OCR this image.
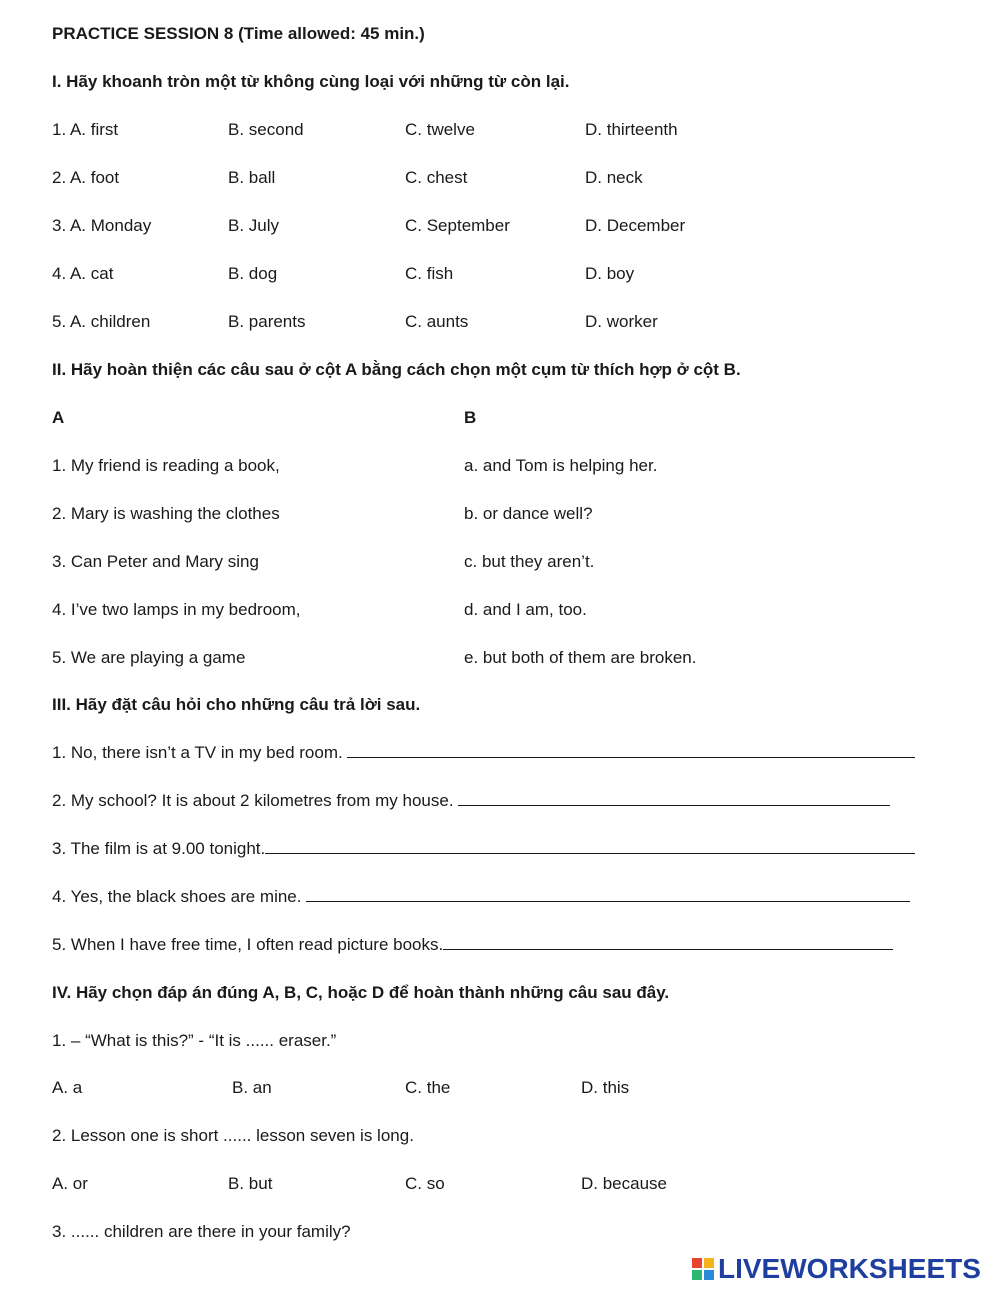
PRACTICE SESSION 8 (Time allowed: 45 min.)
I. Hãy khoanh tròn một từ không cùng loại với những từ còn lại.
1. A. first	B. second	C. twelve	D. thirteenth
2. A. foot	B. ball	C. chest	D. neck
3. A. Monday	B. July	C. September	D. December
4. A. cat	B. dog	C. fish	D. boy
5. A. children	B. parents	C. aunts	D. worker
II. Hãy hoàn thiện các câu sau ở cột A bằng cách chọn một cụm từ thích hợp ở cột B.
A	B
1. My friend is reading a book,	a. and Tom is helping her.
2. Mary is washing the clothes	b. or dance well?
3. Can Peter and Mary sing	c. but they aren’t.
4. I’ve two lamps in my bedroom,	d. and I am, too.
5. We are playing a game	e. but both of them are broken.
III. Hãy đặt câu hỏi cho những câu trả lời sau.
1. No, there isn’t a TV in my bed room.
2. My school? It is about 2 kilometres from my house.
3. The film is at 9.00 tonight.
4. Yes, the black shoes are mine.
5. When I have free time, I often read picture books.
IV. Hãy chọn đáp án đúng A, B, C, hoặc D để hoàn thành những câu sau đây.
1. – “What is this?” - “It is ...... eraser.”
A. a	B. an	C. the	D. this
2. Lesson one is short ...... lesson seven is long.
A. or	B. but	C. so	D. because
3. ...... children are there in your family?
LIVEWORKSHEETS
